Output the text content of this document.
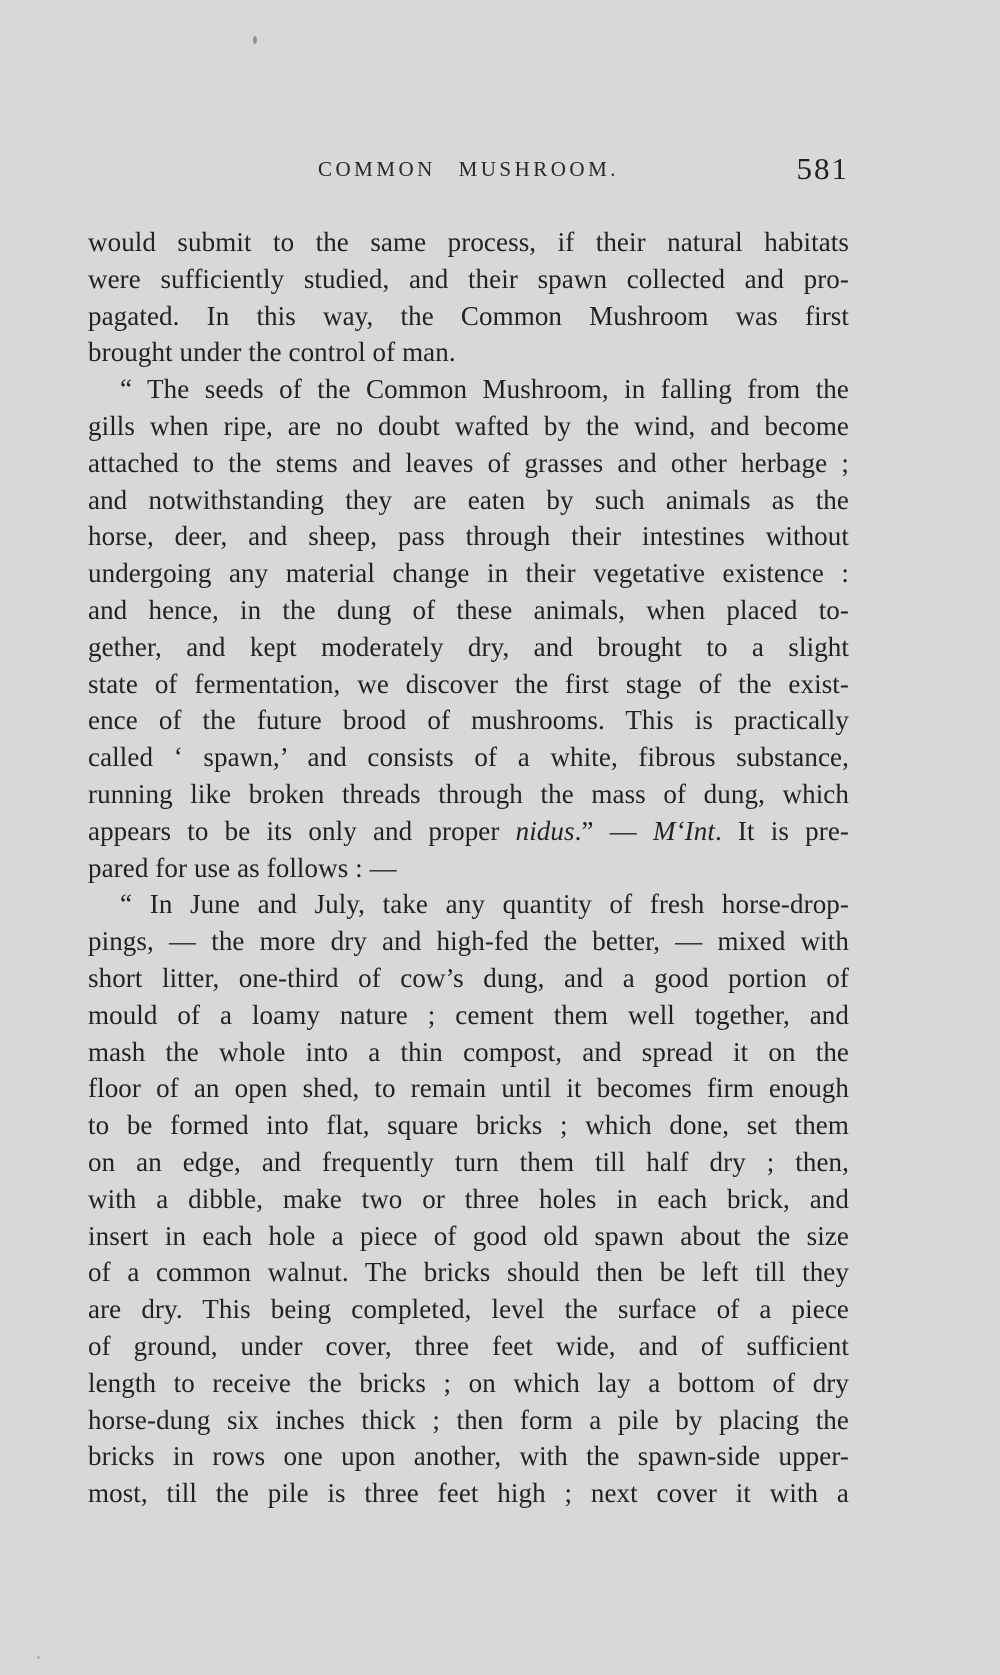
COMMON MUSHROOM.	581
would submit to the same process, if their natural habitats
were sufficiently studied, and their spawn collected and pro-
pagated. In this way, the Common Mushroom was first
brought under the control of man.
“ The seeds of the Common Mushroom, in falling from the
gills when ripe, are no doubt wafted by the wind, and become
attached to the stems and leaves of grasses and other herbage ;
and notwithstanding they are eaten by such animals as the
horse, deer, and sheep, pass through their intestines without
undergoing any material change in their vegetative existence :
and hence, in the dung of these animals, when placed to-
gether, and kept moderately dry, and brought to a slight
state of fermentation, we discover the first stage of the exist-
ence of the future brood of mushrooms. This is practically
called ‘ spawn,’ and consists of a white, fibrous substance,
running like broken threads through the mass of dung, which
appears to be its only and proper nidus.” — M‘Int. It is pre-
pared for use as follows : —
“ In June and July, take any quantity of fresh horse-drop-
pings, — the more dry and high-fed the better, — mixed with
short litter, one-third of cow’s dung, and a good portion of
mould of a loamy nature ; cement them well together, and
mash the whole into a thin compost, and spread it on the
floor of an open shed, to remain until it becomes firm enough
to be formed into flat, square bricks ; which done, set them
on an edge, and frequently turn them till half dry ; then,
with a dibble, make two or three holes in each brick, and
insert in each hole a piece of good old spawn about the size
of a common walnut. The bricks should then be left till they
are dry. This being completed, level the surface of a piece
of ground, under cover, three feet wide, and of sufficient
length to receive the bricks ; on which lay a bottom of dry
horse-dung six inches thick ; then form a pile by placing the
bricks in rows one upon another, with the spawn-side upper-
most, till the pile is three feet high ; next cover it with a
